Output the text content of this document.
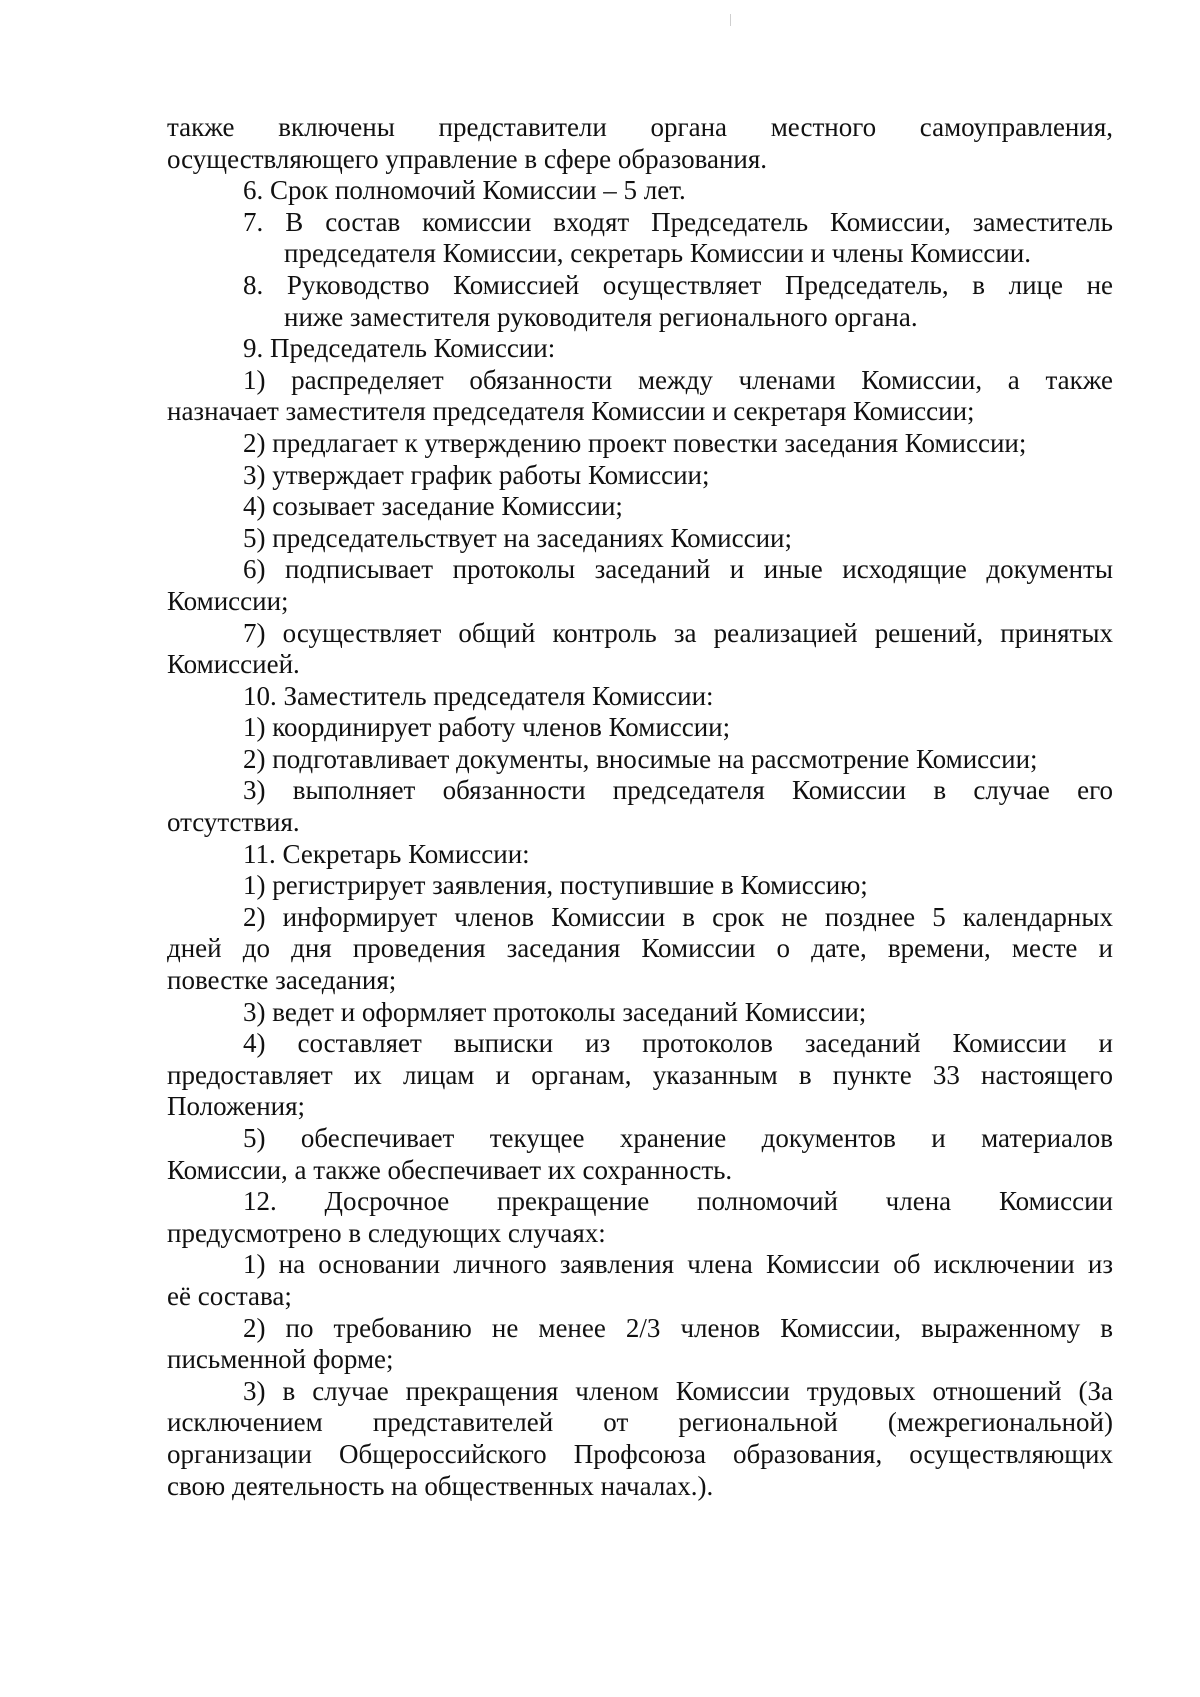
также включены представители органа местного самоуправления,
осуществляющего управление в сфере образования.
6. Срок полномочий Комиссии – 5 лет.
7. В состав комиссии входят Председатель Комиссии, заместитель
председателя Комиссии, секретарь Комиссии и члены Комиссии.
8. Руководство Комиссией осуществляет Председатель, в лице не
ниже заместителя руководителя регионального органа.
9. Председатель Комиссии:
1) распределяет обязанности между членами Комиссии, а также
назначает заместителя председателя Комиссии и секретаря Комиссии;
2) предлагает к утверждению проект повестки заседания Комиссии;
3) утверждает график работы Комиссии;
4) созывает заседание Комиссии;
5) председательствует на заседаниях Комиссии;
6) подписывает протоколы заседаний и иные исходящие документы
Комиссии;
7) осуществляет общий контроль за реализацией решений, принятых
Комиссией.
10. Заместитель председателя Комиссии:
1) координирует работу членов Комиссии;
2) подготавливает документы, вносимые на рассмотрение Комиссии;
3) выполняет обязанности председателя Комиссии в случае его
отсутствия.
11. Секретарь Комиссии:
1) регистрирует заявления, поступившие в Комиссию;
2) информирует членов Комиссии в срок не позднее 5 календарных
дней до дня проведения заседания Комиссии о дате, времени, месте и
повестке заседания;
3) ведет и оформляет протоколы заседаний Комиссии;
4) составляет выписки из протоколов заседаний Комиссии и
предоставляет их лицам и органам, указанным в пункте 33 настоящего
Положения;
5) обеспечивает текущее хранение документов и материалов
Комиссии, а также обеспечивает их сохранность.
12. Досрочное прекращение полномочий члена Комиссии
предусмотрено в следующих случаях:
1) на основании личного заявления члена Комиссии об исключении из
её состава;
2) по требованию не менее 2/3 членов Комиссии, выраженному в
письменной форме;
3) в случае прекращения членом Комиссии трудовых отношений (За
исключением представителей от региональной (межрегиональной)
организации Общероссийского Профсоюза образования, осуществляющих
свою деятельность на общественных началах.).
